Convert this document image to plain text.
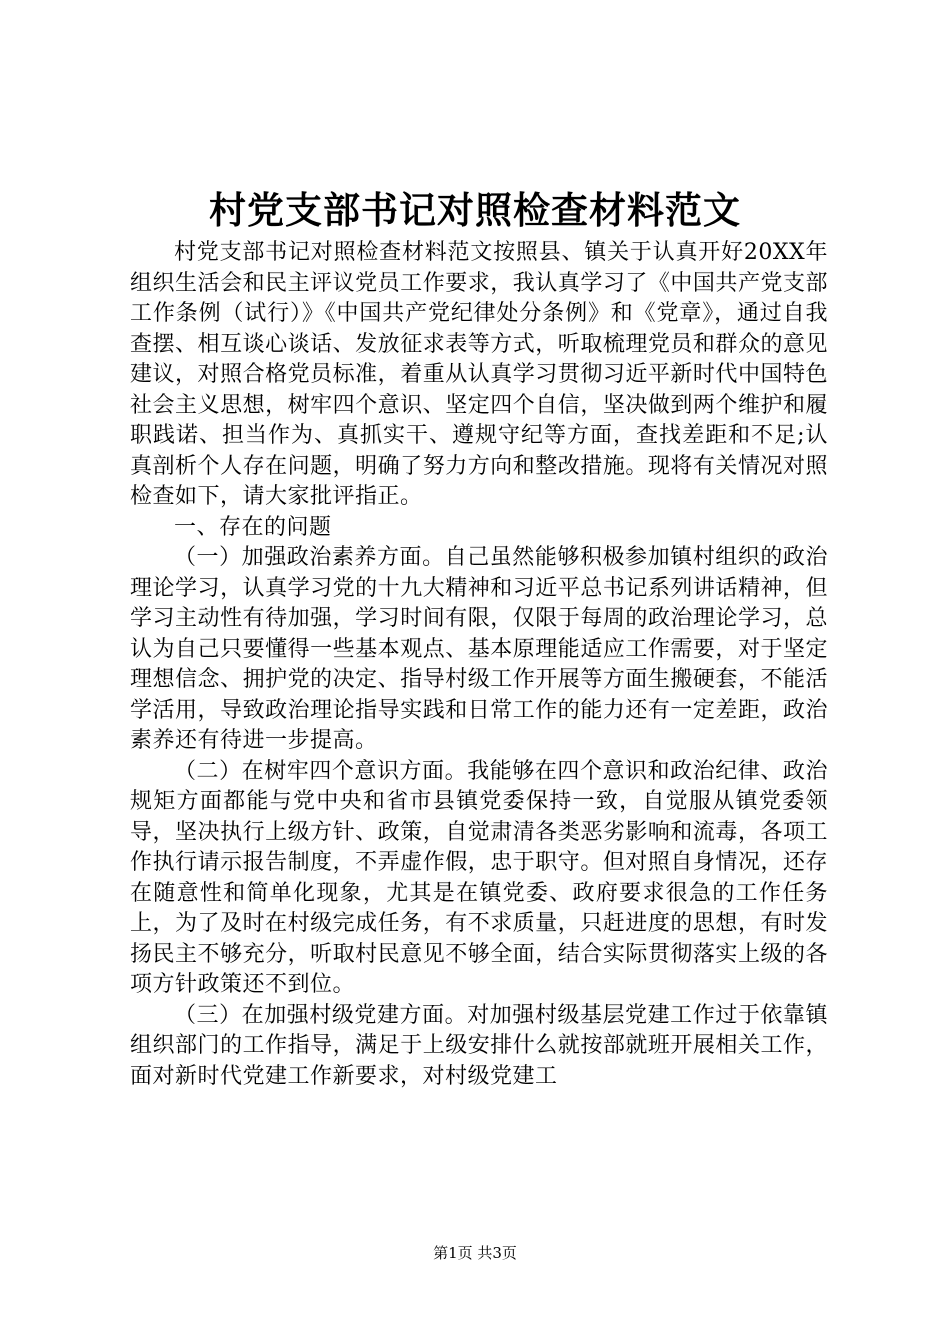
村党支部书记对照检查材料范文

村党支部书记对照检查材料范文按照县、镇关于认真开好20XX年组织生活会和民主评议党员工作要求，我认真学习了《中国共产党支部工作条例（试行）》《中国共产党纪律处分条例》和《党章》，通过自我查摆、相互谈心谈话、发放征求表等方式，听取梳理党员和群众的意见建议，对照合格党员标准，着重从认真学习贯彻习近平新时代中国特色社会主义思想，树牢四个意识、坚定四个自信，坚决做到两个维护和履职践诺、担当作为、真抓实干、遵规守纪等方面，查找差距和不足;认真剖析个人存在问题，明确了努力方向和整改措施。现将有关情况对照检查如下，请大家批评指正。

一、存在的问题

（一）加强政治素养方面。自己虽然能够积极参加镇村组织的政治理论学习，认真学习党的十九大精神和习近平总书记系列讲话精神，但学习主动性有待加强，学习时间有限，仅限于每周的政治理论学习，总认为自己只要懂得一些基本观点、基本原理能适应工作需要，对于坚定理想信念、拥护党的决定、指导村级工作开展等方面生搬硬套，不能活学活用，导致政治理论指导实践和日常工作的能力还有一定差距，政治素养还有待进一步提高。

（二）在树牢四个意识方面。我能够在四个意识和政治纪律、政治规矩方面都能与党中央和省市县镇党委保持一致，自觉服从镇党委领导，坚决执行上级方针、政策，自觉肃清各类恶劣影响和流毒，各项工作执行请示报告制度，不弄虚作假，忠于职守。但对照自身情况，还存在随意性和简单化现象，尤其是在镇党委、政府要求很急的工作任务上，为了及时在村级完成任务，有不求质量，只赶进度的思想，有时发扬民主不够充分，听取村民意见不够全面，结合实际贯彻落实上级的各项方针政策还不到位。

（三）在加强村级党建方面。对加强村级基层党建工作过于依靠镇组织部门的工作指导，满足于上级安排什么就按部就班开展相关工作，面对新时代党建工作新要求，对村级党建工

第1页 共3页
